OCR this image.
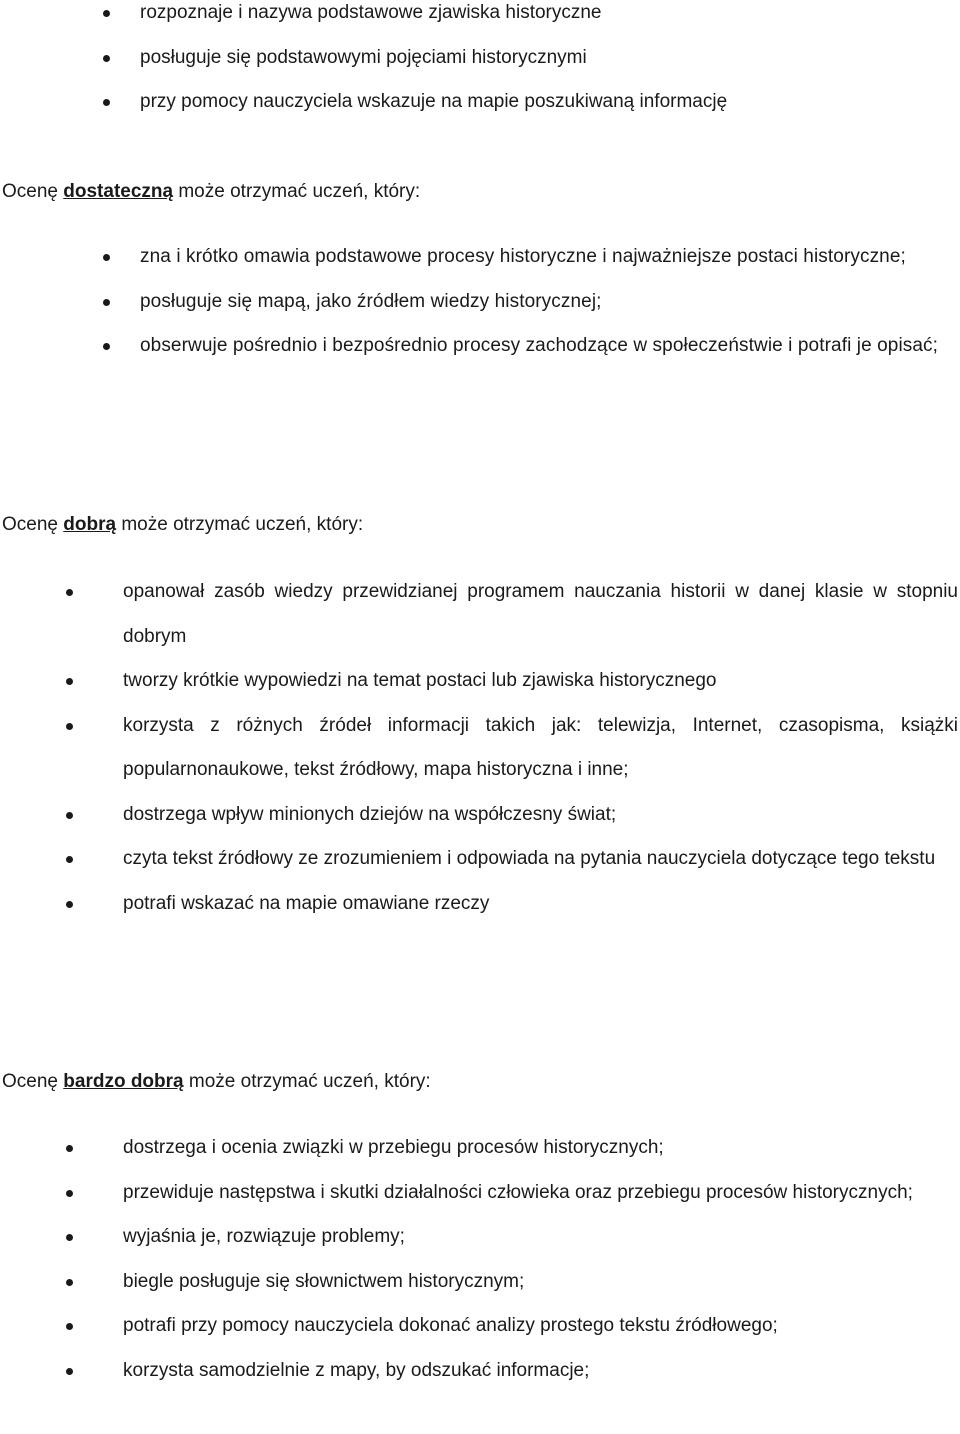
rozpoznaje i nazywa podstawowe zjawiska historyczne
posługuje się podstawowymi pojęciami historycznymi
przy pomocy nauczyciela wskazuje na mapie poszukiwaną informację

Ocenę dostateczną może otrzymać uczeń, który:

zna i krótko omawia podstawowe procesy historyczne i najważniejsze postaci historyczne;
posługuje się mapą, jako źródłem wiedzy historycznej;
obserwuje pośrednio i bezpośrednio procesy zachodzące w społeczeństwie i potrafi je opisać;

Ocenę dobrą może otrzymać uczeń, który:

opanował zasób wiedzy przewidzianej programem nauczania historii w danej klasie w stopniu dobrym
tworzy krótkie wypowiedzi na temat postaci lub zjawiska historycznego
korzysta z różnych źródeł informacji takich jak: telewizja, Internet, czasopisma, książki popularnonaukowe, tekst źródłowy, mapa historyczna i inne;
dostrzega wpływ minionych dziejów na współczesny świat;
czyta tekst źródłowy ze zrozumieniem i odpowiada na pytania nauczyciela dotyczące tego tekstu
potrafi wskazać na mapie omawiane rzeczy

Ocenę bardzo dobrą może otrzymać uczeń, który:

dostrzega i ocenia związki w przebiegu procesów historycznych;
przewiduje następstwa i skutki działalności człowieka oraz przebiegu procesów historycznych;
wyjaśnia je, rozwiązuje problemy;
biegle posługuje się słownictwem historycznym;
potrafi przy pomocy nauczyciela dokonać analizy prostego tekstu źródłowego;
korzysta samodzielnie z mapy, by odszukać informacje;
